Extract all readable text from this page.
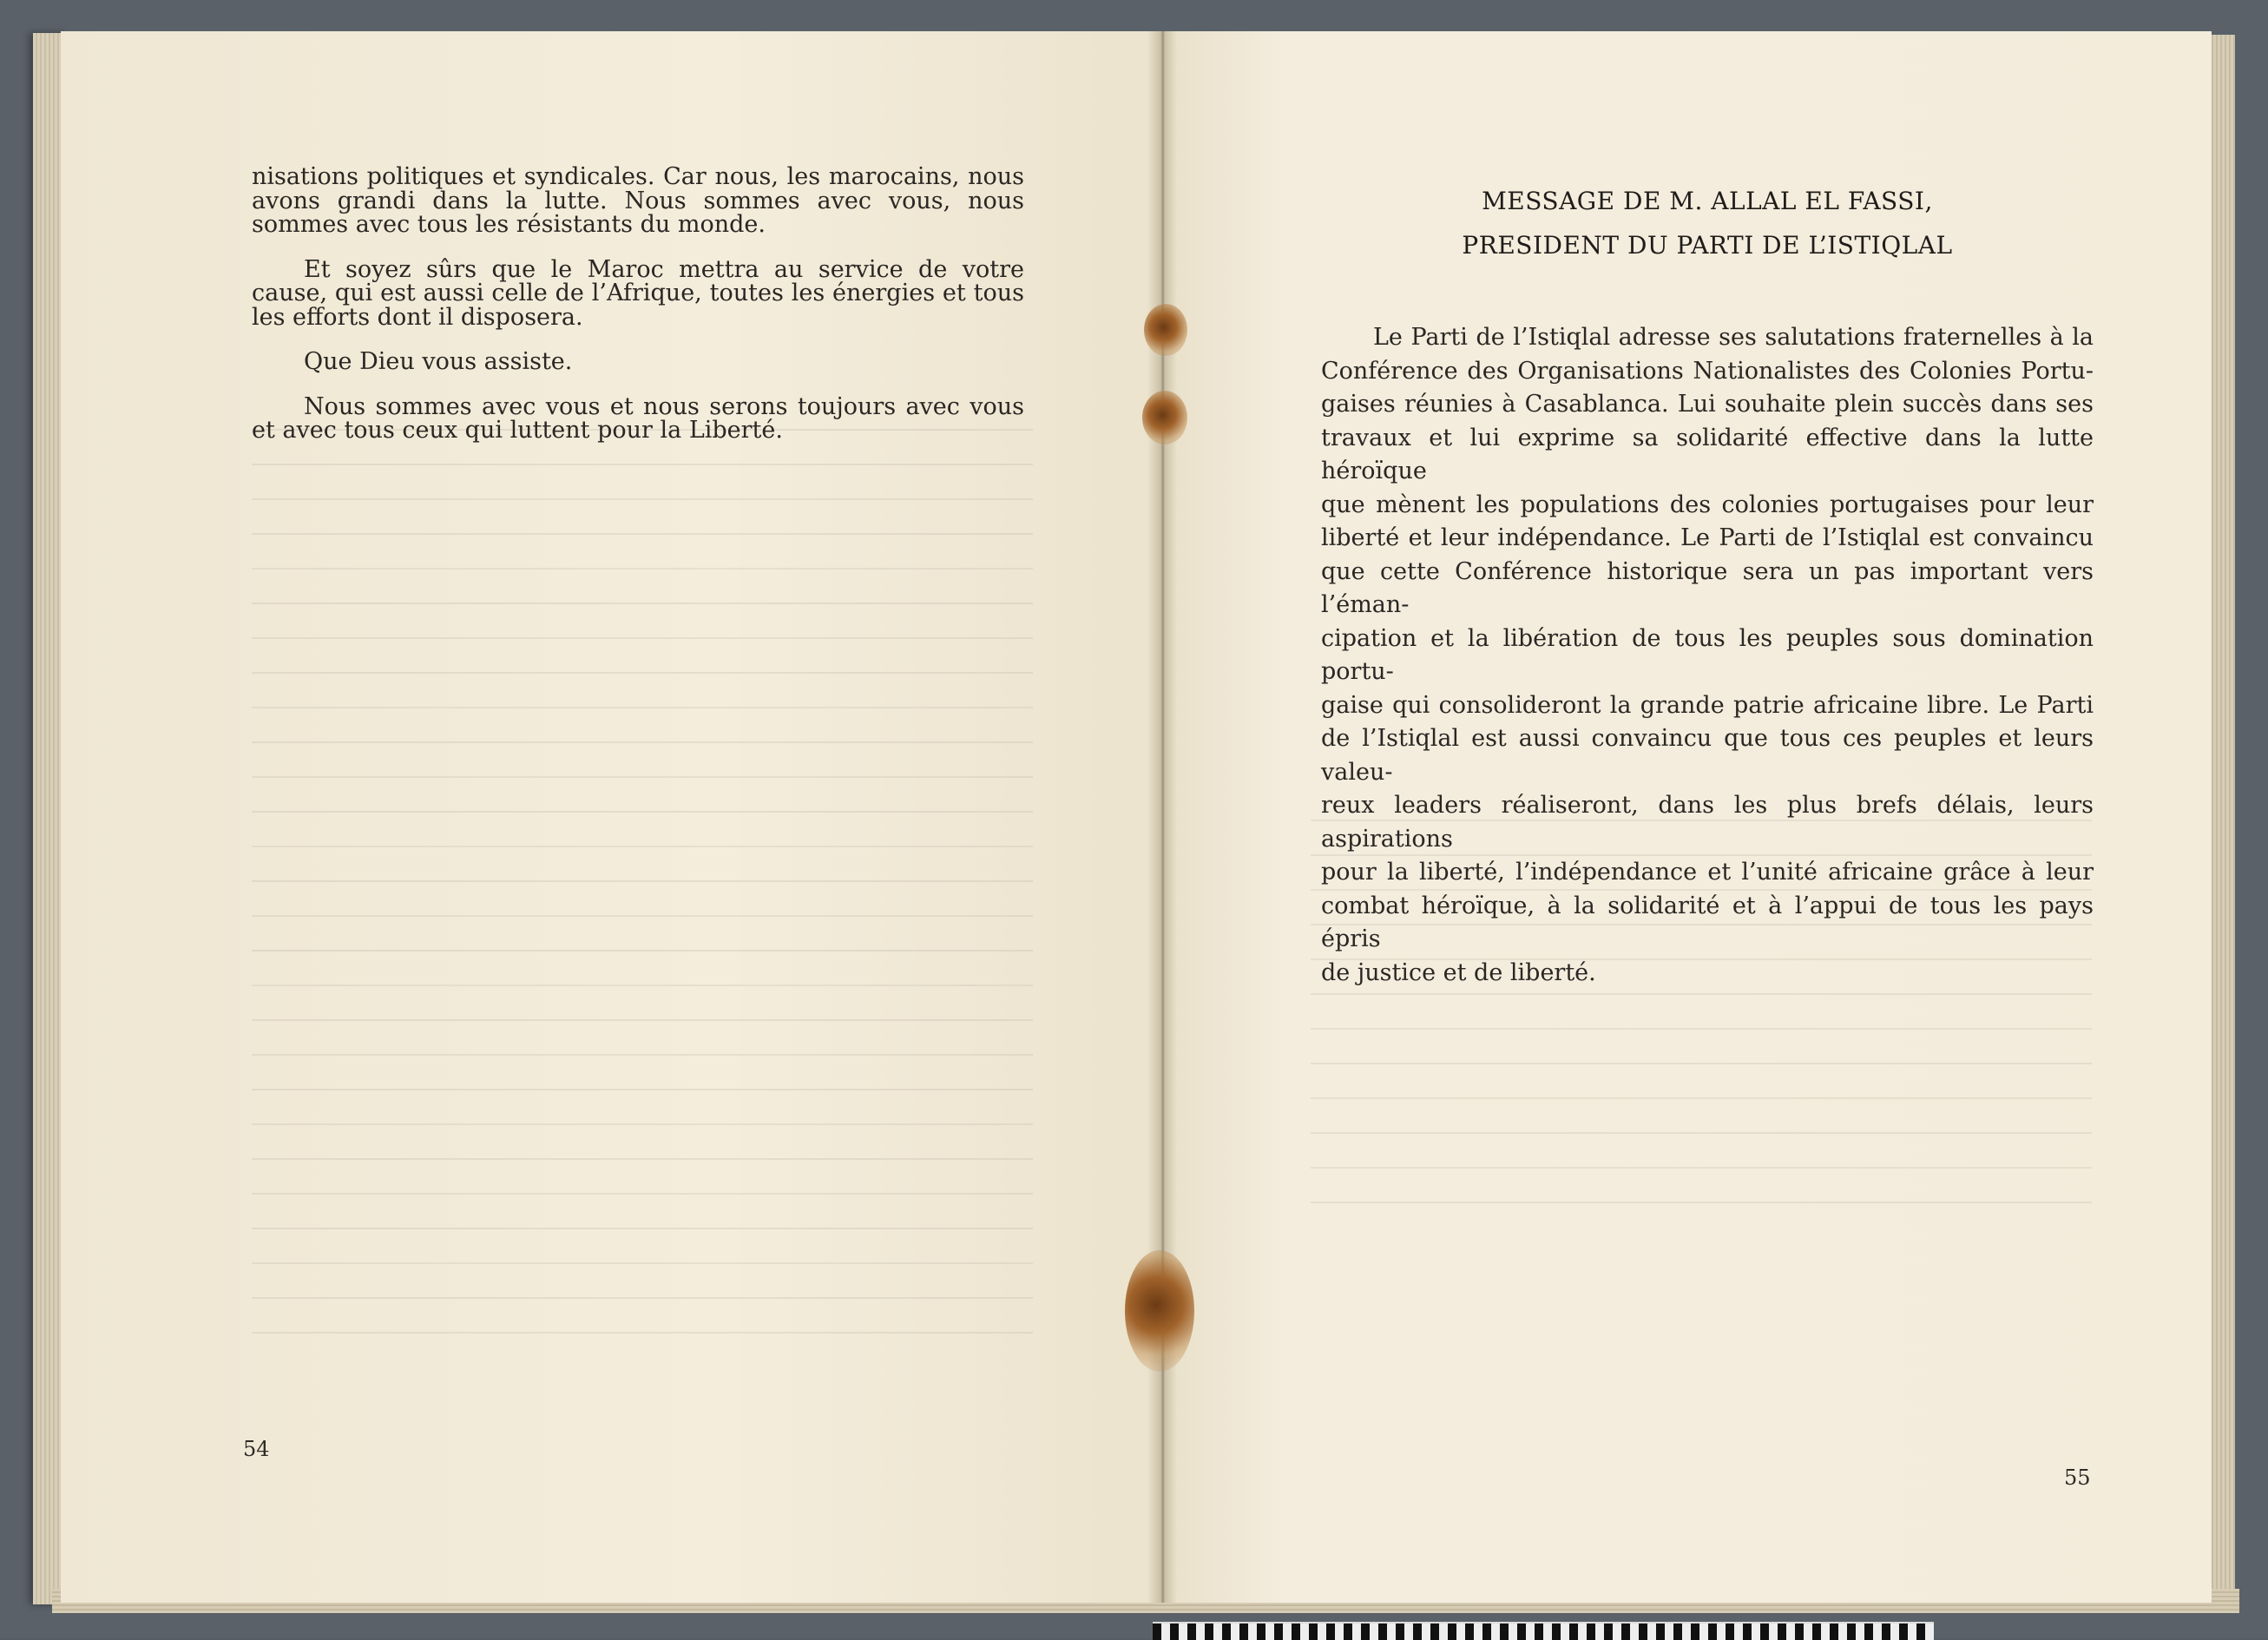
nisations politiques et syndicales. Car nous, les marocains, nous avons grandi dans la lutte. Nous sommes avec vous, nous sommes avec tous les résistants du monde.

Et soyez sûrs que le Maroc mettra au service de votre cause, qui est aussi celle de l’Afrique, toutes les énergies et tous les efforts dont il disposera.

Que Dieu vous assiste.

Nous sommes avec vous et nous serons toujours avec vous et avec tous ceux qui luttent pour la Liberté.

54
MESSAGE DE M. ALLAL EL FASSI,
PRESIDENT DU PARTI DE L’ISTIQLAL
Le Parti de l’Istiqlal adresse ses salutations fraternelles à la
Conférence des Organisations Nationalistes des Colonies Portu-
gaises réunies à Casablanca. Lui souhaite plein succès dans ses
travaux et lui exprime sa solidarité effective dans la lutte héroïque
que mènent les populations des colonies portugaises pour leur
liberté et leur indépendance. Le Parti de l’Istiqlal est convaincu
que cette Conférence historique sera un pas important vers l’éman-
cipation et la libération de tous les peuples sous domination portu-
gaise qui consolideront la grande patrie africaine libre. Le Parti
de l’Istiqlal est aussi convaincu que tous ces peuples et leurs valeu-
reux leaders réaliseront, dans les plus brefs délais, leurs aspirations
pour la liberté, l’indépendance et l’unité africaine grâce à leur
combat héroïque, à la solidarité et à l’appui de tous les pays épris
de justice et de liberté.
55
